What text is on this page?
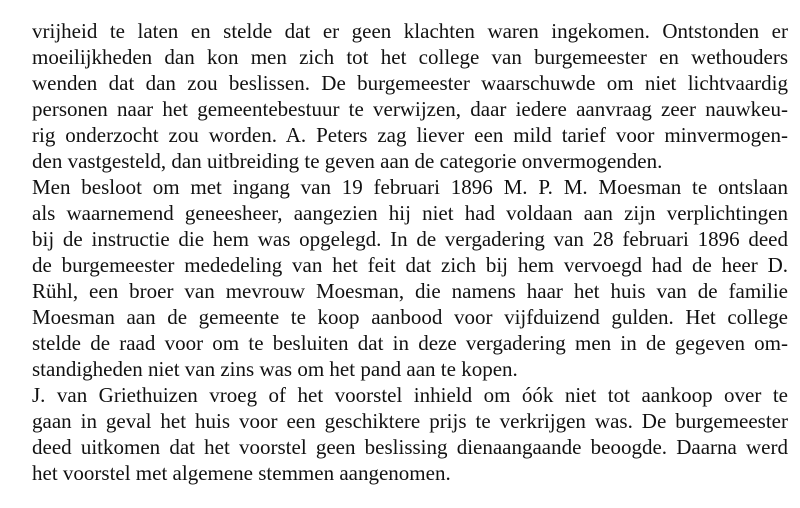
vrijheid te laten en stelde dat er geen klachten waren ingekomen. Ontstonden er
moeilijkheden dan kon men zich tot het college van burgemeester en wethouders
wenden dat dan zou beslissen. De burgemeester waarschuwde om niet lichtvaardig
personen naar het gemeentebestuur te verwijzen, daar iedere aanvraag zeer nauwkeu-
rig onderzocht zou worden. A. Peters zag liever een mild tarief voor minvermogen-
den vastgesteld, dan uitbreiding te geven aan de categorie onvermogenden.
Men besloot om met ingang van 19 februari 1896 M. P. M. Moesman te ontslaan
als waarnemend geneesheer, aangezien hij niet had voldaan aan zijn verplichtingen
bij de instructie die hem was opgelegd. In de vergadering van 28 februari 1896 deed
de burgemeester mededeling van het feit dat zich bij hem vervoegd had de heer D.
Rühl, een broer van mevrouw Moesman, die namens haar het huis van de familie
Moesman aan de gemeente te koop aanbood voor vijfduizend gulden. Het college
stelde de raad voor om te besluiten dat in deze vergadering men in de gegeven om-
standigheden niet van zins was om het pand aan te kopen.
J. van Griethuizen vroeg of het voorstel inhield om óók niet tot aankoop over te
gaan in geval het huis voor een geschiktere prijs te verkrijgen was. De burgemeester
deed uitkomen dat het voorstel geen beslissing dienaangaande beoogde. Daarna werd
het voorstel met algemene stemmen aangenomen.
